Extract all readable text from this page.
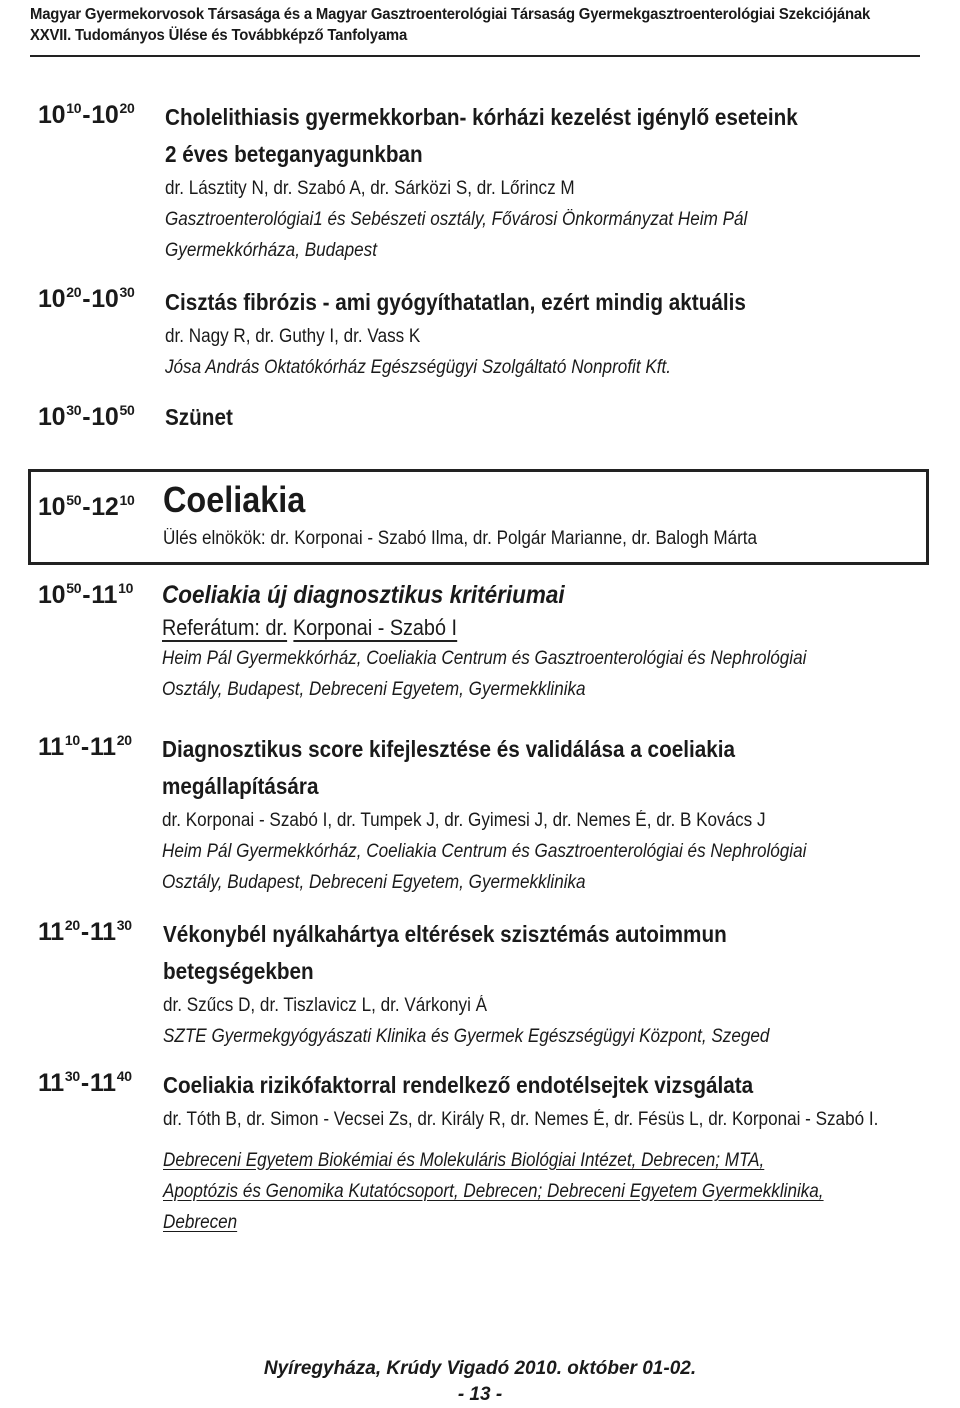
Magyar Gyermekorvosok Társasága és a Magyar Gasztroenterológiai Társaság Gyermekgasztroenterológiai Szekciójának
XXVII. Tudományos Ülése és Továbbképző Tanfolyama
$10^{10}-10^{20}$ Cholelithiasis gyermekkorban- kórházi kezelést igénylő eseteink
2 éves beteganyagunkban
dr. Lásztity N, dr. Szabó A, dr. Sárközi S, dr. Lőrincz M
Gasztroenterológiai1 és Sebészeti osztály, Fővárosi Önkormányzat Heim Pál
Gyermekkórháza, Budapest
$10^{20}-10^{30}$ Cisztás fibrózis - ami gyógyíthatatlan, ezért mindig aktuális
dr. Nagy R, dr. Guthy I, dr. Vass K
Jósa András Oktatókórház Egészségügyi Szolgáltató Nonprofit Kft.
$10^{30}-10^{50}$ Szünet
$10^{50}-12^{10}$ Coeliakia
Ülés elnökök: dr. Korponai - Szabó Ilma, dr. Polgár Marianne, dr. Balogh Márta
$10^{50}-11^{10}$ Coeliakia új diagnosztikus kritériumai
Referátum: dr. Korponai - Szabó I
Heim Pál Gyermekkórház, Coeliakia Centrum és Gasztroenterológiai és Nephrológiai
Osztály, Budapest, Debreceni Egyetem, Gyermekklinika
$11^{10}-11^{20}$ Diagnosztikus score kifejlesztése és validálása a coeliakia
megállapítására
dr. Korponai - Szabó I, dr. Tumpek J, dr. Gyimesi J, dr. Nemes É, dr. B Kovács J
Heim Pál Gyermekkórház, Coeliakia Centrum és Gasztroenterológiai és Nephrológiai
Osztály, Budapest, Debreceni Egyetem, Gyermekklinika
$11^{20}-11^{30}$ Vékonybél nyálkahártya eltérések szisztémás autoimmun
betegségekben
dr. Szűcs D, dr. Tiszlavicz L, dr. Várkonyi Á
SZTE Gyermekgyógyászati Klinika és Gyermek Egészségügyi Központ, Szeged
$11^{30}-11^{40}$ Coeliakia rizikófaktorral rendelkező endotélsejtek vizsgálata
dr. Tóth B, dr. Simon - Vecsei Zs, dr. Király R, dr. Nemes É, dr. Fésüs L, dr. Korponai - Szabó I.
Debreceni Egyetem Biokémiai és Molekuláris Biológiai Intézet, Debrecen; MTA,
Apoptózis és Genomika Kutatócsoport, Debrecen; Debreceni Egyetem Gyermekklinika,
Debrecen
Nyíregyháza, Krúdy Vigadó 2010. október 01-02.
- 13 -
